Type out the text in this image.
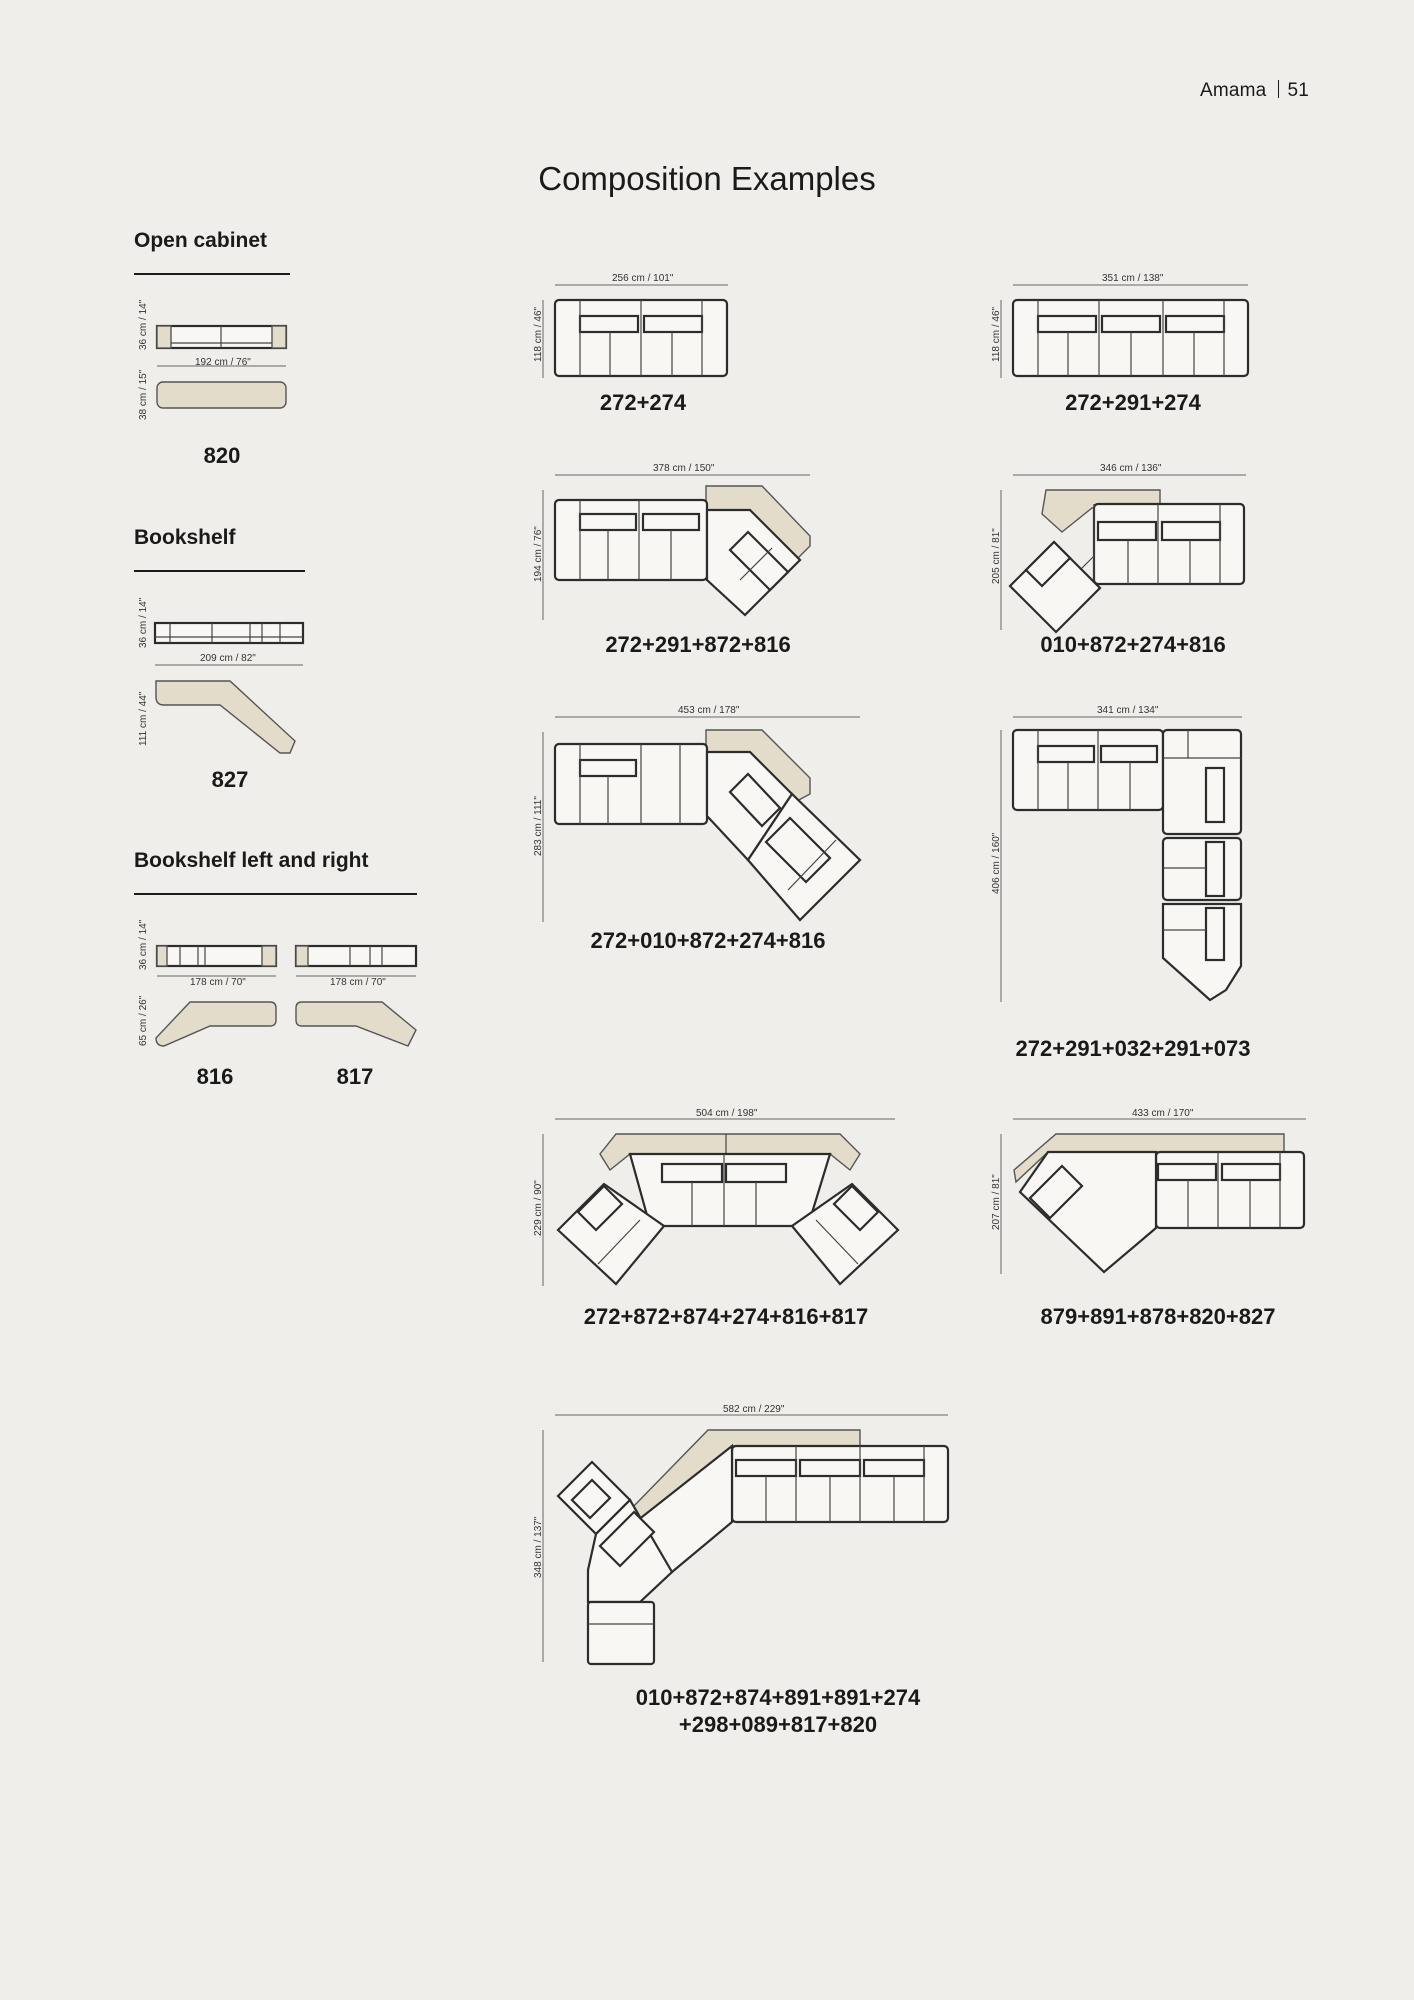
Amama 51
Composition Examples
Open cabinet
36 cm / 14"
192 cm / 76"
38 cm / 15"
820
Bookshelf
36 cm / 14"
209 cm / 82"
111 cm / 44"
827
Bookshelf left and right
36 cm / 14"
178 cm / 70"	178 cm / 70"
65 cm / 26"
816	817
256 cm / 101"
118 cm / 46"
272+274
351 cm / 138"
118 cm / 46"
272+291+274
378 cm / 150"
194 cm / 76"
272+291+872+816
346 cm / 136"
205 cm / 81"
010+872+274+816
453 cm / 178"
283 cm / 111"
272+010+872+274+816
341 cm / 134"
406 cm / 160"
272+291+032+291+073
504 cm / 198"
229 cm / 90"
272+872+874+274+816+817
433 cm / 170"
207 cm / 81"
879+891+878+820+827
582 cm / 229"
348 cm / 137"
010+872+874+891+891+274
+298+089+817+820
